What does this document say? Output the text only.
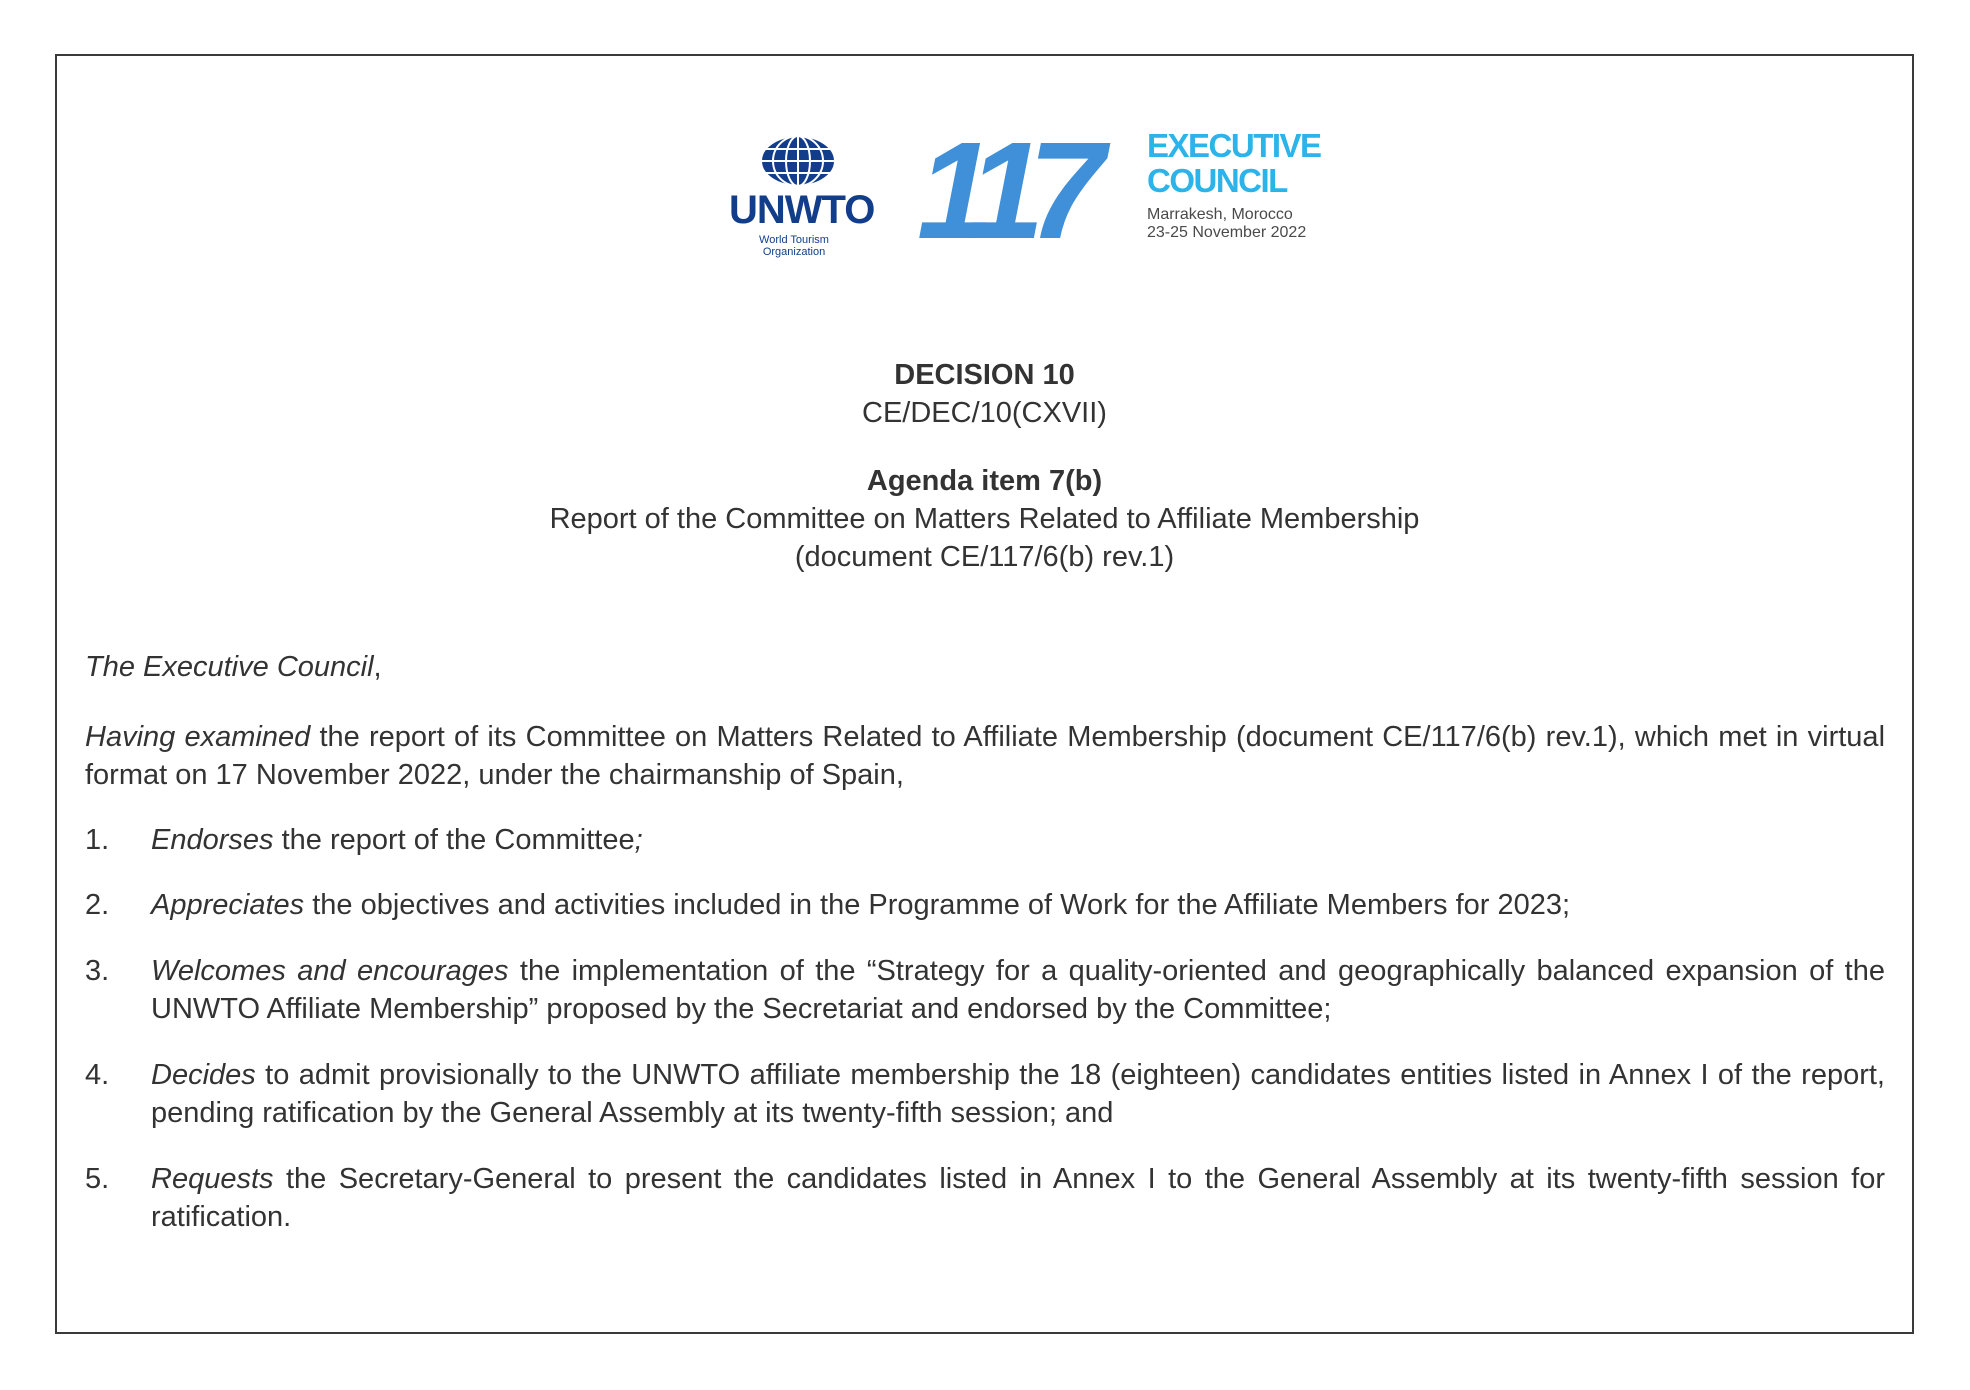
UNWTO
World Tourism Organization 117	EXECUTIVE
COUNCIL
Marrakesh, Morocco
23-25 November 2022
DECISION 10
CE/DEC/10(CXVII)
Agenda item 7(b)
Report of the Committee on Matters Related to Affiliate Membership
(document CE/117/6(b) rev.1)
The Executive Council,
Having examined the report of its Committee on Matters Related to Affiliate Membership (document CE/117/6(b) rev.1), which met in virtual format on 17 November 2022, under the chairmanship of Spain,
1. Endorses the report of the Committee;
2. Appreciates the objectives and activities included in the Programme of Work for the Affiliate Members for 2023;
3. Welcomes and encourages the implementation of the “Strategy for a quality-oriented and geographically balanced expansion of the UNWTO Affiliate Membership” proposed by the Secretariat and endorsed by the Committee;
4. Decides to admit provisionally to the UNWTO affiliate membership the 18 (eighteen) candidates entities listed in Annex I of the report, pending ratification by the General Assembly at its twenty-fifth session; and
5. Requests the Secretary-General to present the candidates listed in Annex I to the General Assembly at its twenty-fifth session for ratification.
